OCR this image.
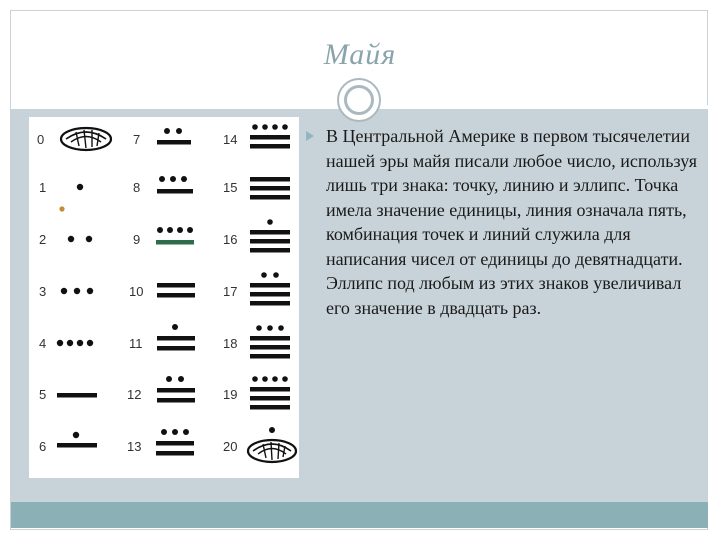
Майя
0
1
2
3
4
5
6
7
8
9
10
11
12
13
14
15
16
17
18
19
20

В Центральной Америке в первом тысячелетии нашей эры майя писали любое число, используя лишь три знака: точку, линию и эллипс. Точка имела значение единицы, линия означала пять, комбинация точек и линий служила для написания чисел от единицы до девятнадцати. Эллипс под любым из этих знаков увеличивал его значение в двадцать раз.
